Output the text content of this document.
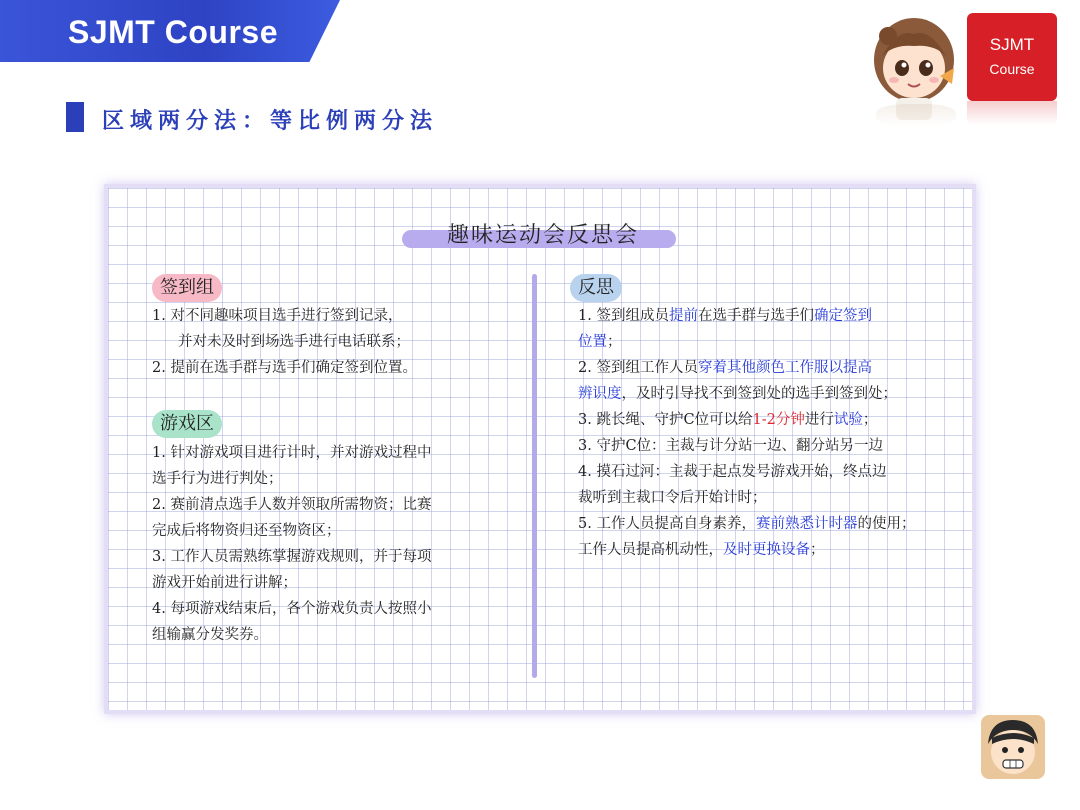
SJMT Course	SJMT
Course
区域两分法：等比例两分法
趣味运动会反思会
签到组
1. 对不同趣味项目选手进行签到记录，
并对未及时到场选手进行电话联系；
2. 提前在选手群与选手们确定签到位置。
游戏区
1. 针对游戏项目进行计时，并对游戏过程中
选手行为进行判处；
2. 赛前清点选手人数并领取所需物资；比赛
完成后将物资归还至物资区；
3. 工作人员需熟练掌握游戏规则，并于每项
游戏开始前进行讲解；
4. 每项游戏结束后，各个游戏负责人按照小
组输赢分发奖券。
反思
1. 签到组成员提前在选手群与选手们确定签到
位置；
2. 签到组工作人员穿着其他颜色工作服以提高
辨识度，及时引导找不到签到处的选手到签到处；
3. 跳长绳、守护C位可以给1-2分钟进行试验；
3. 守护C位：主裁与计分站一边、翻分站另一边
4. 摸石过河：主裁于起点发号游戏开始，终点边
裁听到主裁口令后开始计时；
5. 工作人员提高自身素养，赛前熟悉计时器的使用；
工作人员提高机动性，及时更换设备；
